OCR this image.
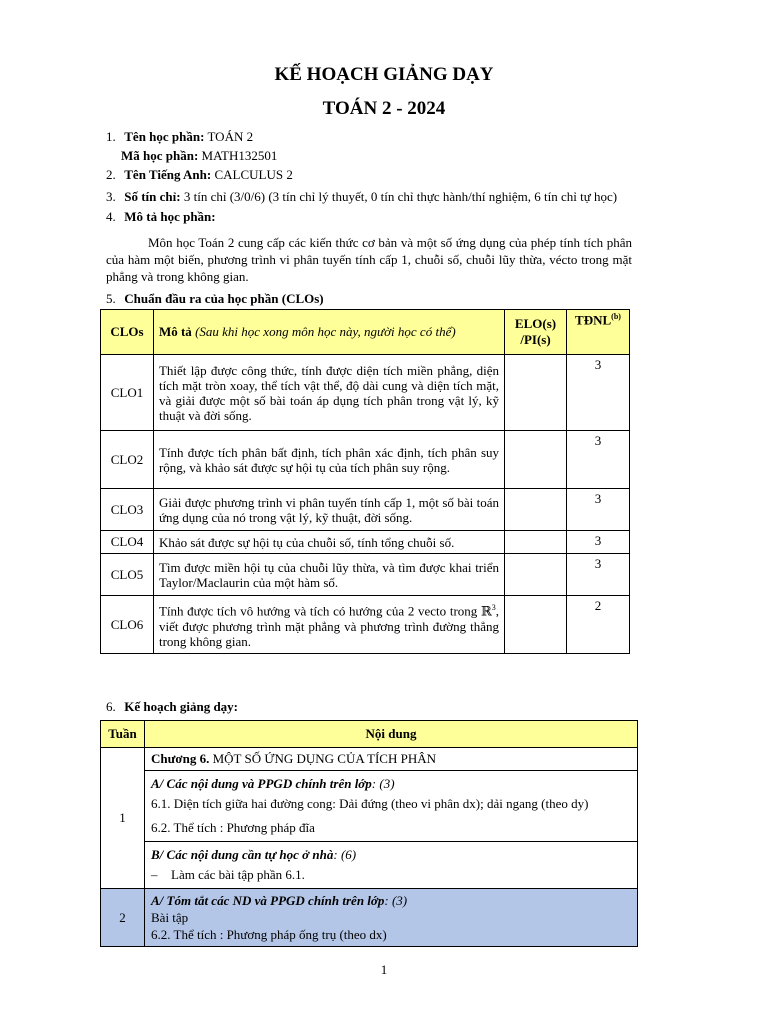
KẾ HOẠCH GIẢNG DẠY
TOÁN 2 - 2024
1. Tên học phần: TOÁN 2
Mã học phần: MATH132501
2. Tên Tiếng Anh: CALCULUS 2
3. Số tín chỉ: 3 tín chỉ (3/0/6) (3 tín chỉ lý thuyết, 0 tín chỉ thực hành/thí nghiệm, 6 tín chỉ tự học)
4. Mô tả học phần:

Môn học Toán 2 cung cấp các kiến thức cơ bản và một số ứng dụng của phép tính tích phân của hàm một biến, phương trình vi phân tuyến tính cấp 1, chuỗi số, chuỗi lũy thừa, vécto trong mặt phẳng và trong không gian.

5. Chuẩn đầu ra của học phần (CLOs)
CLOs	Mô tả (Sau khi học xong môn học này, người học có thể)	ELO(s) /PI(s)	TĐNL$^{(b)}$
CLO1	Thiết lập được công thức, tính được diện tích miền phẳng, diện tích mặt tròn xoay, thể tích vật thể, độ dài cung và diện tích mặt, và giải được một số bài toán áp dụng tích phân trong vật lý, kỹ thuật và đời sống.		3
CLO2	Tính được tích phân bất định, tích phân xác định, tích phân suy rộng, và khảo sát được sự hội tụ của tích phân suy rộng.		3
CLO3	Giải được phương trình vi phân tuyến tính cấp 1, một số bài toán ứng dụng của nó trong vật lý, kỹ thuật, đời sống.		3
CLO4	Khảo sát được sự hội tụ của chuỗi số, tính tổng chuỗi số.		3
CLO5	Tìm được miền hội tụ của chuỗi lũy thừa, và tìm được khai triển Taylor/Maclaurin của một hàm số.		3
CLO6	Tính được tích vô hướng và tích có hướng của 2 vecto trong ℝ$^3$, viết được phương trình mặt phẳng và phương trình đường thẳng trong không gian.		2
6. Kế hoạch giảng dạy:
Tuần	Nội dung
1	Chương 6. MỘT SỐ ỨNG DỤNG CỦA TÍCH PHÂN

	A/ Các nội dung và PPGD chính trên lớp: (3)
6.1. Diện tích giữa hai đường cong: Dải đứng (theo vi phân dx); dải ngang (theo dy)
6.2. Thể tích : Phương pháp đĩa

	B/ Các nội dung cần tự học ở nhà: (6)
– Làm các bài tập phần 6.1.

2	A/ Tóm tắt các ND và PPGD chính trên lớp: (3)
Bài tập
6.2. Thể tích : Phương pháp ống trụ (theo dx)
1
